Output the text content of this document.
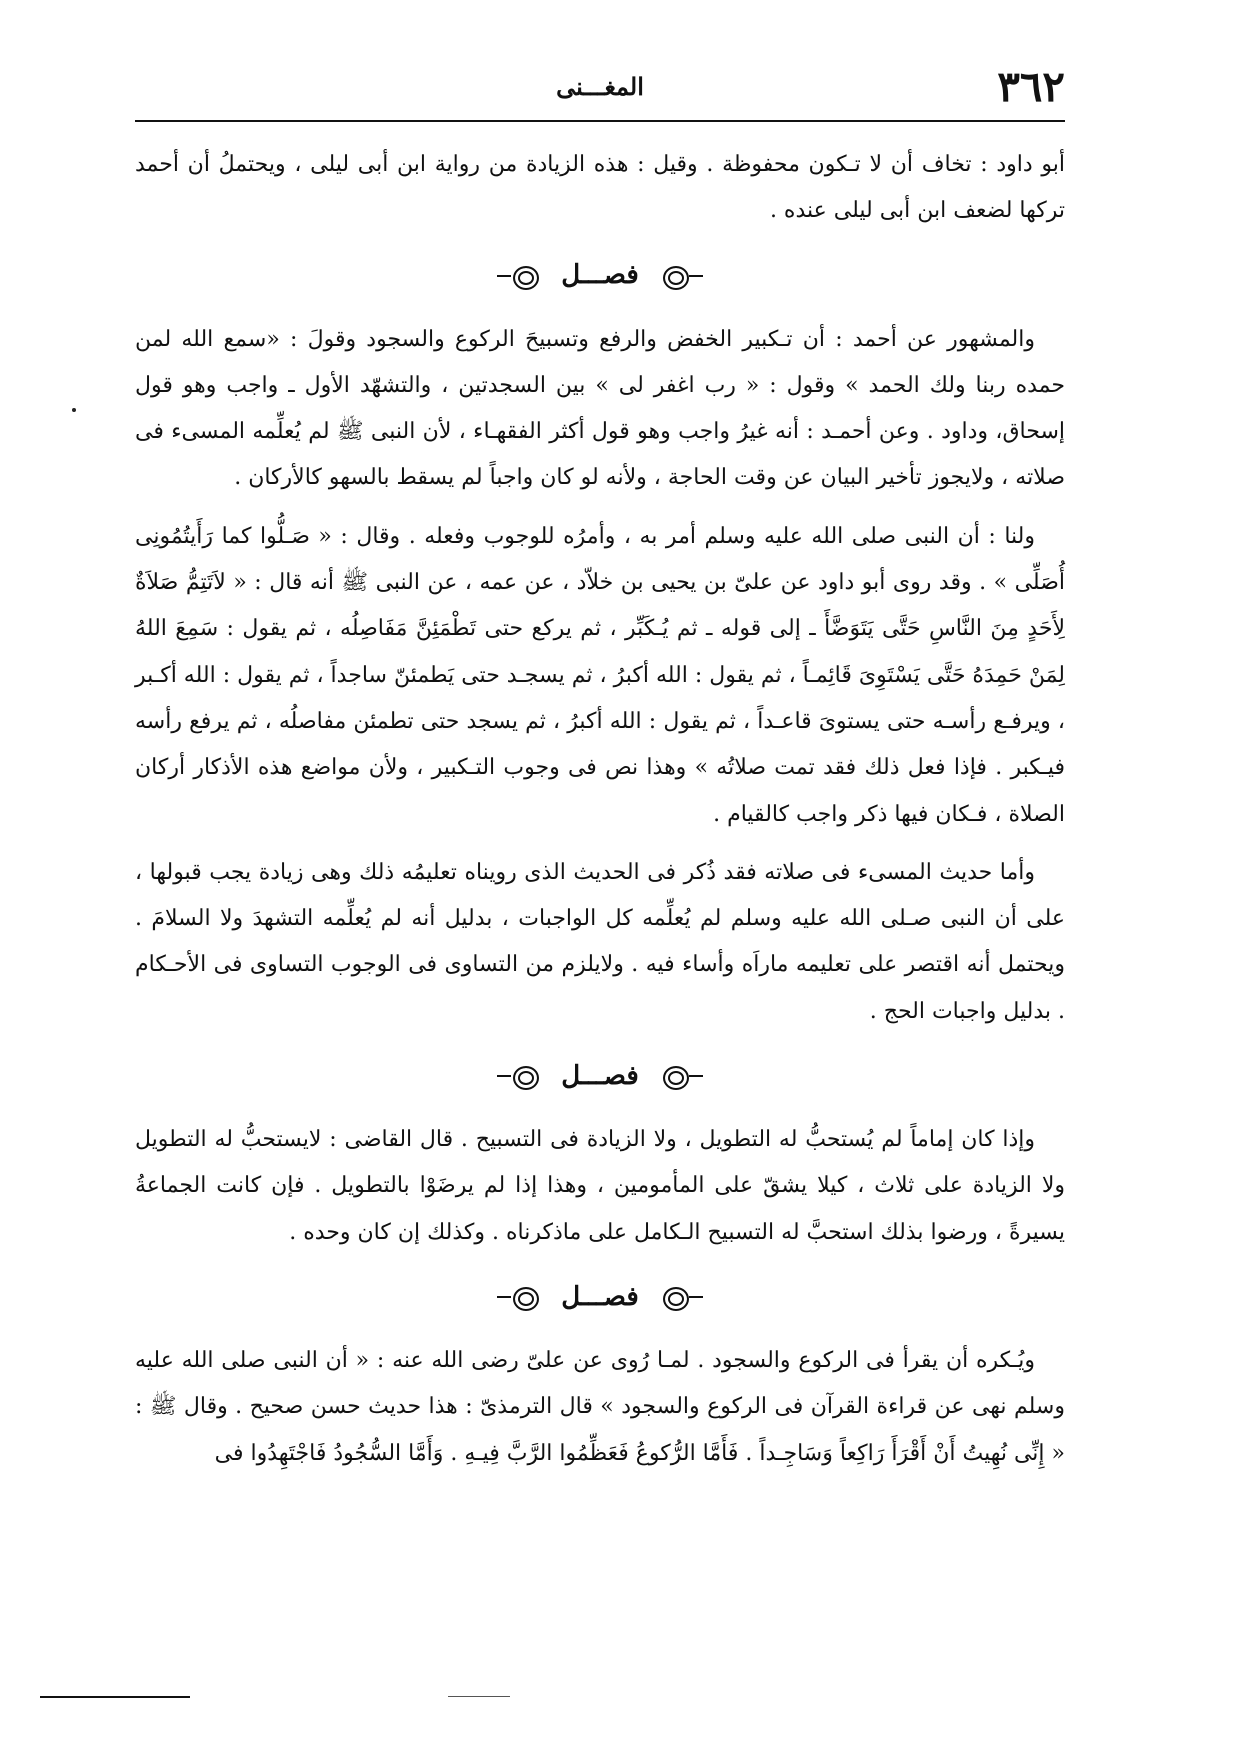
٣٦٢
المغـــنى

أبو داود : تخاف أن لا تـكون محفوظة . وقيل : هذه الزيادة من رواية ابن أبى ليلى ، ويحتملُ أن أحمد تركها لضعف ابن أبى ليلى عنده .

فصـــل

والمشهور عن أحمد : أن تـكبير الخفض والرفع وتسبيحَ الركوع والسجود وقولَ : «سمع الله لمن حمده ربنا ولك الحمد » وقول : « رب اغفر لى » بين السجدتين ، والتشهّد الأول ـ واجب وهو قول إسحاق، وداود . وعن أحمـد : أنه غيرُ واجب وهو قول أكثر الفقهـاء ، لأن النبى ﷺ لم يُعلِّمه المسىء فى صلاته ، ولايجوز تأخير البيان عن وقت الحاجة ، ولأنه لو كان واجباً لم يسقط بالسهو كالأركان .

ولنا : أن النبى صلى الله عليه وسلم أمر به ، وأمرُه للوجوب وفعله . وقال : « صَـلُّوا كما رَأَيتُمُونِى أُصَلِّى » . وقد روى أبو داود عن علىّ بن يحيى بن خلاّد ، عن عمه ، عن النبى ﷺ أنه قال : « لاَتَتِمُّ صَلاَةٌ لِأَحَدٍ مِنَ النَّاسِ حَتَّى يَتَوَضَّأَ ـ إلى قوله ـ ثم يُـكَبِّر ، ثم يركع حتى تَطْمَئِنَّ مَفَاصِلُه ، ثم يقول : سَمِعَ اللهُ لِمَنْ حَمِدَهُ حَتَّى يَسْتَوِىَ قَائِمـاً ، ثم يقول : الله أكبرُ ، ثم يسجـد حتى يَطمئنّ ساجداً ، ثم يقول : الله أكـبر ، ويرفـع رأسـه حتى يستوىَ قاعـداً ، ثم يقول : الله أكبرُ ، ثم يسجد حتى تطمئن مفاصلُه ، ثم يرفع رأسه فيـكبر . فإذا فعل ذلك فقد تمت صلاتُه » وهذا نص فى وجوب التـكبير ، ولأن مواضع هذه الأذكار أركان الصلاة ، فـكان فيها ذكر واجب كالقيام .

وأما حديث المسىء فى صلاته فقد ذُكر فى الحديث الذى رويناه تعليمُه ذلك وهى زيادة يجب قبولها ، على أن النبى صـلى الله عليه وسلم لم يُعلِّمه كل الواجبات ، بدليل أنه لم يُعلِّمه التشهدَ ولا السلامَ . ويحتمل أنه اقتصر على تعليمه ماراَه وأساء فيه . ولايلزم من التساوى فى الوجوب التساوى فى الأحـكام . بدليل واجبات الحج .

فصـــل

وإذا كان إماماً لم يُستحبُّ له التطويل ، ولا الزيادة فى التسبيح . قال القاضى : لايستحبُّ له التطويل ولا الزيادة على ثلاث ، كيلا يشقّ على المأمومين ، وهذا إذا لم يرضَوْا بالتطويل . فإن كانت الجماعةُ يسيرةً ، ورضوا بذلك استحبَّ له التسبيح الـكامل على ماذكرناه . وكذلك إن كان وحده .

فصـــل

ويُـكره أن يقرأ فى الركوع والسجود . لمـا رُوى عن علىّ رضى الله عنه : « أن النبى صلى الله عليه وسلم نهى عن قراءة القرآن فى الركوع والسجود » قال الترمذىّ : هذا حديث حسن صحيح . وقال ﷺ : « إِنِّى نُهِيتُ أَنْ أَقْرَأَ رَاكِعاً وَسَاجِـداً . فَأَمَّا الرُّكوعُ فَعَظِّمُوا الرَّبَّ فِيـهِ . وَأَمَّا السُّجُودُ فَاجْتَهِدُوا فى
